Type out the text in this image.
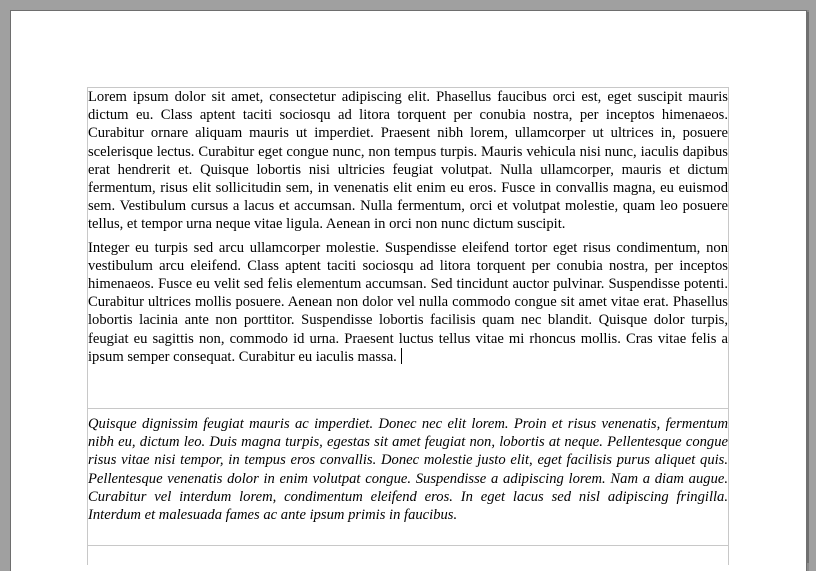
Lorem ipsum dolor sit amet, consectetur adipiscing elit. Phasellus faucibus orci est, eget suscipit mauris dictum eu. Class aptent taciti sociosqu ad litora torquent per conubia nostra, per inceptos himenaeos. Curabitur ornare aliquam mauris ut imperdiet. Praesent nibh lorem, ullamcorper ut ultrices in, posuere scelerisque lectus. Curabitur eget congue nunc, non tempus turpis. Mauris vehicula nisi nunc, iaculis dapibus erat hendrerit et. Quisque lobortis nisi ultricies feugiat volutpat. Nulla ullamcorper, mauris et dictum fermentum, risus elit sollicitudin sem, in venenatis elit enim eu eros. Fusce in convallis magna, eu euismod sem. Vestibulum cursus a lacus et accumsan. Nulla fermentum, orci et volutpat molestie, quam leo posuere tellus, et tempor urna neque vitae ligula. Aenean in orci non nunc dictum suscipit.

Integer eu turpis sed arcu ullamcorper molestie. Suspendisse eleifend tortor eget risus condimentum, non vestibulum arcu eleifend. Class aptent taciti sociosqu ad litora torquent per conubia nostra, per inceptos himenaeos. Fusce eu velit sed felis elementum accumsan. Sed tincidunt auctor pulvinar. Suspendisse potenti. Curabitur ultrices mollis posuere. Aenean non dolor vel nulla commodo congue sit amet vitae erat. Phasellus lobortis lacinia ante non porttitor. Suspendisse lobortis facilisis quam nec blandit. Quisque dolor turpis, feugiat eu sagittis non, commodo id urna. Praesent luctus tellus vitae mi rhoncus mollis. Cras vitae felis a ipsum semper consequat. Curabitur eu iaculis massa.

Quisque dignissim feugiat mauris ac imperdiet. Donec nec elit lorem. Proin et risus venenatis, fermentum nibh eu, dictum leo. Duis magna turpis, egestas sit amet feugiat non, lobortis at neque. Pellentesque congue risus vitae nisi tempor, in tempus eros convallis. Donec molestie justo elit, eget facilisis purus aliquet quis. Pellentesque venenatis dolor in enim volutpat congue. Suspendisse a adipiscing lorem. Nam a diam augue. Curabitur vel interdum lorem, condimentum eleifend eros. In eget lacus sed nisl adipiscing fringilla. Interdum et malesuada fames ac ante ipsum primis in faucibus.
